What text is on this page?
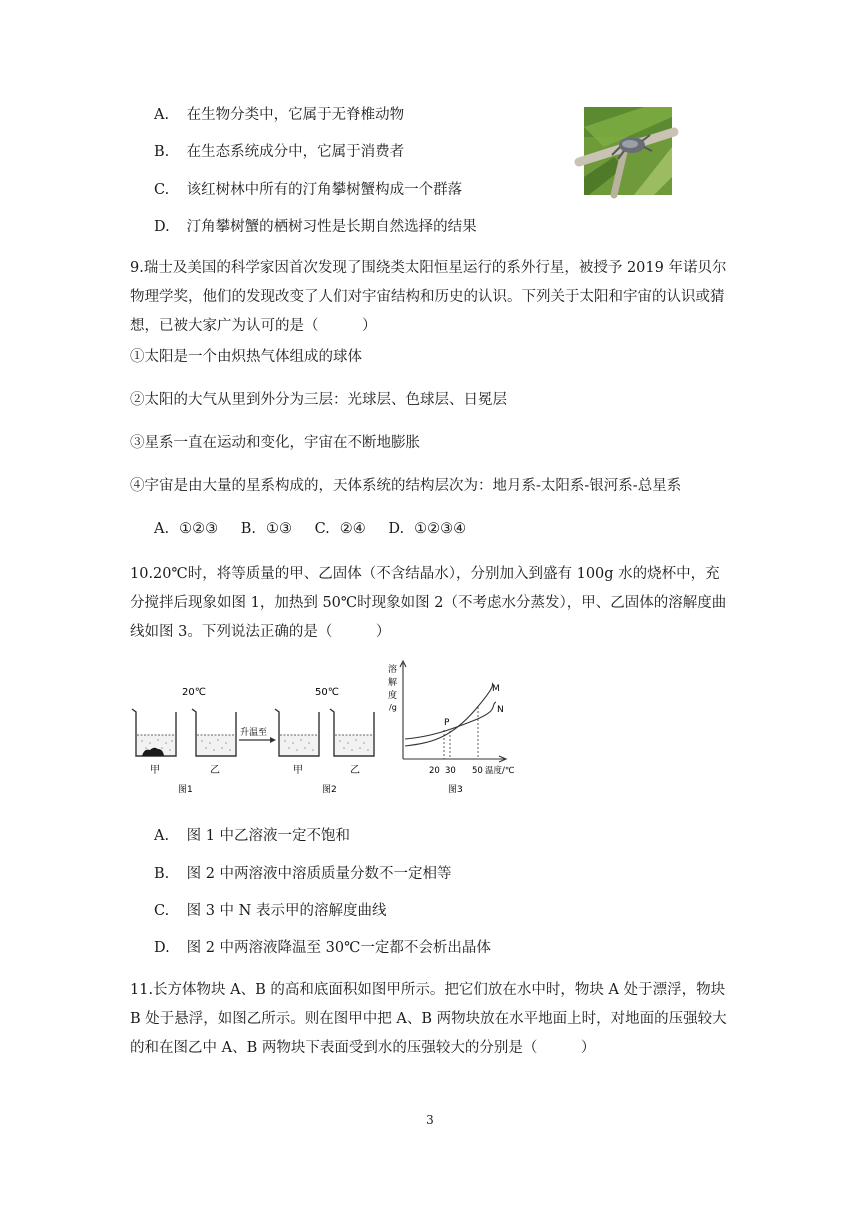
A. 在生物分类中，它属于无脊椎动物
B. 在生态系统成分中，它属于消费者
C. 该红树林中所有的汀角攀树蟹构成一个群落
D. 汀角攀树蟹的栖树习性是长期自然选择的结果
9.瑞士及美国的科学家因首次发现了围绕类太阳恒星运行的系外行星，被授予 2019 年诺贝尔物理学奖，他们的发现改变了人们对宇宙结构和历史的认识。下列关于太阳和宇宙的认识或猜想，已被大家广为认可的是（　　　）
①太阳是一个由炽热气体组成的球体
②太阳的大气从里到外分为三层：光球层、色球层、日冕层
③星系一直在运动和变化，宇宙在不断地膨胀
④宇宙是由大量的星系构成的，天体系统的结构层次为：地月系-太阳系-银河系-总星系
A. ①②③ B. ①③ C. ②④ D. ①②③④
10.20℃时，将等质量的甲、乙固体（不含结晶水），分别加入到盛有 100g 水的烧杯中，充分搅拌后现象如图 1，加热到 50℃时现象如图 2（不考虑水分蒸发），甲、乙固体的溶解度曲线如图 3。下列说法正确的是（　　　）
20℃
甲	乙
图1
升温至
50℃
甲	乙
图2
溶
解
度
/g
P
M
N
20 30 50 温度/℃
图3
A. 图 1 中乙溶液一定不饱和
B. 图 2 中两溶液中溶质质量分数不一定相等
C. 图 3 中 N 表示甲的溶解度曲线
D. 图 2 中两溶液降温至 30℃一定都不会析出晶体
11.长方体物块 A、B 的高和底面积如图甲所示。把它们放在水中时，物块 A 处于漂浮，物块 B 处于悬浮，如图乙所示。则在图甲中把 A、B 两物块放在水平地面上时，对地面的压强较大的和在图乙中 A、B 两物块下表面受到水的压强较大的分别是（　　　）
3
